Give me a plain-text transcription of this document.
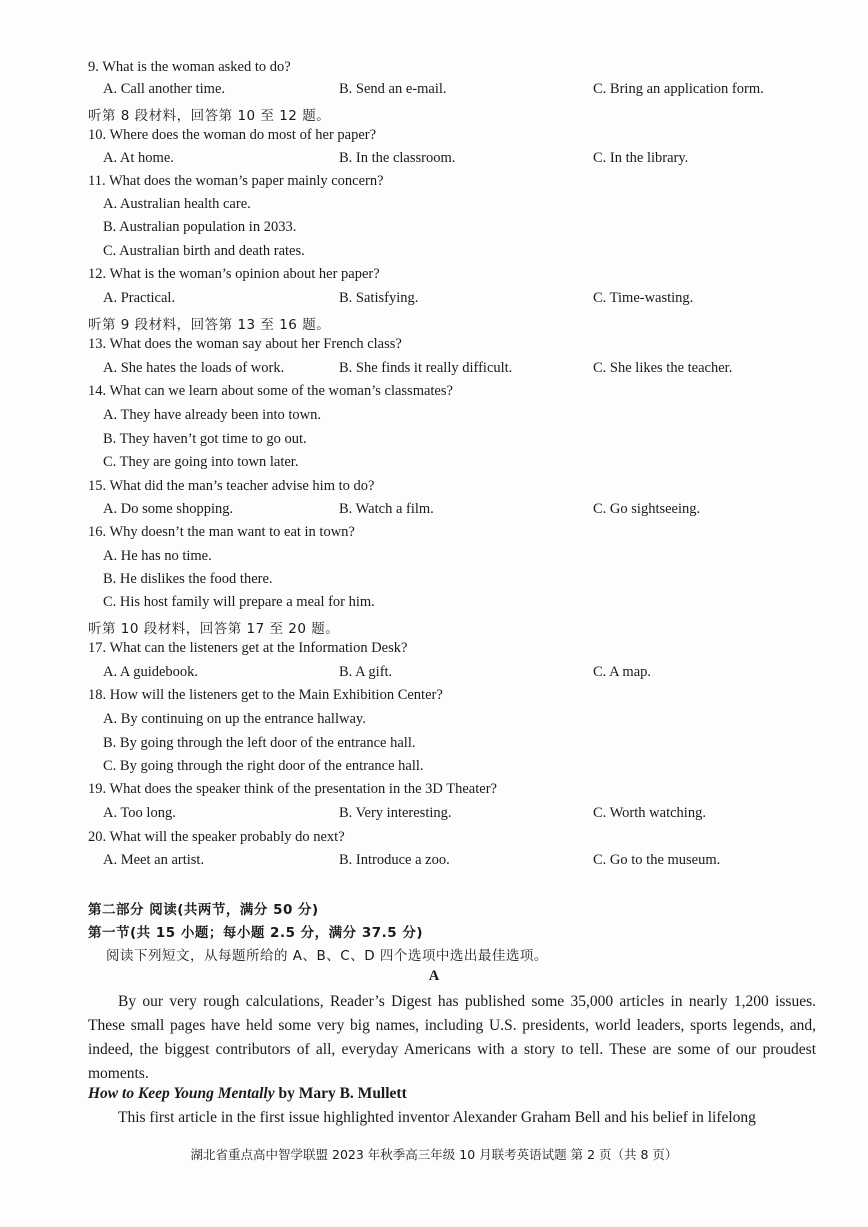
9. What is the woman asked to do?
A. Call another time.	B. Send an e-mail.	C. Bring an application form.
听第 8 段材料，回答第 10 至 12 题。
10. Where does the woman do most of her paper?
A. At home.	B. In the classroom.	C. In the library.
11. What does the woman’s paper mainly concern?
A. Australian health care.
B. Australian population in 2033.
C. Australian birth and death rates.
12. What is the woman’s opinion about her paper?
A. Practical.	B. Satisfying.	C. Time-wasting.
听第 9 段材料，回答第 13 至 16 题。
13. What does the woman say about her French class?
A. She hates the loads of work.	B. She finds it really difficult.	C. She likes the teacher.
14. What can we learn about some of the woman’s classmates?
A. They have already been into town.
B. They haven’t got time to go out.
C. They are going into town later.
15. What did the man’s teacher advise him to do?
A. Do some shopping.	B. Watch a film.	C. Go sightseeing.
16. Why doesn’t the man want to eat in town?
A. He has no time.
B. He dislikes the food there.
C. His host family will prepare a meal for him.
听第 10 段材料，回答第 17 至 20 题。
17. What can the listeners get at the Information Desk?
A. A guidebook.	B. A gift.	C. A map.
18. How will the listeners get to the Main Exhibition Center?
A. By continuing on up the entrance hallway.
B. By going through the left door of the entrance hall.
C. By going through the right door of the entrance hall.
19. What does the speaker think of the presentation in the 3D Theater?
A. Too long.	B. Very interesting.	C. Worth watching.
20. What will the speaker probably do next?
A. Meet an artist.	B. Introduce a zoo.	C. Go to the museum.
第二部分 阅读(共两节，满分 50 分)
第一节(共 15 小题；每小题 2.5 分，满分 37.5 分)
阅读下列短文，从每题所给的 A、B、C、D 四个选项中选出最佳选项。
A
By our very rough calculations, Reader’s Digest has published some 35,000 articles in nearly 1,200 issues. These small pages have held some very big names, including U.S. presidents, world leaders, sports legends, and, indeed, the biggest contributors of all, everyday Americans with a story to tell. These are some of our proudest moments.
How to Keep Young Mentally by Mary B. Mullett
This first article in the first issue highlighted inventor Alexander Graham Bell and his belief in lifelong
湖北省重点高中智学联盟 2023 年秋季高三年级 10 月联考英语试题 第 2 页（共 8 页）
